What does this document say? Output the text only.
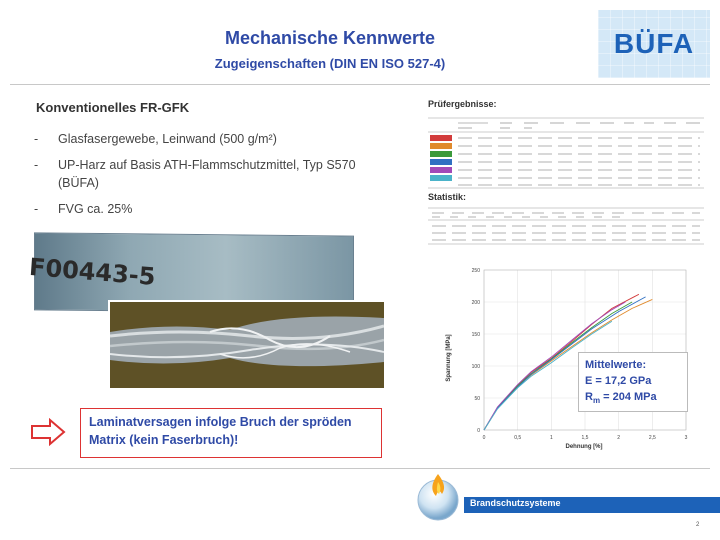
Mechanische Kennwerte
Zugeigenschaften (DIN EN ISO 527-4)
BÜFA
Konventionelles FR-GFK
- Glasfasergewebe, Leinwand (500 g/m²)
- UP-Harz auf Basis ATH-Flammschutzmittel, Typ S570 (BÜFA)
- FVG ca. 25%
F00443-5
Laminatversagen infolge Bruch der spröden Matrix (kein Faserbruch)!
Prüfergebnisse:
Statistik:
0
50
100
150
200
250
0	0,5	1	1,5	2	2,5	3
Spannung [MPa]
Dehnung [%]
Mittelwerte:
E = 17,2 GPa
$R_m = 204$ MPa
Brandschutzsysteme
2
